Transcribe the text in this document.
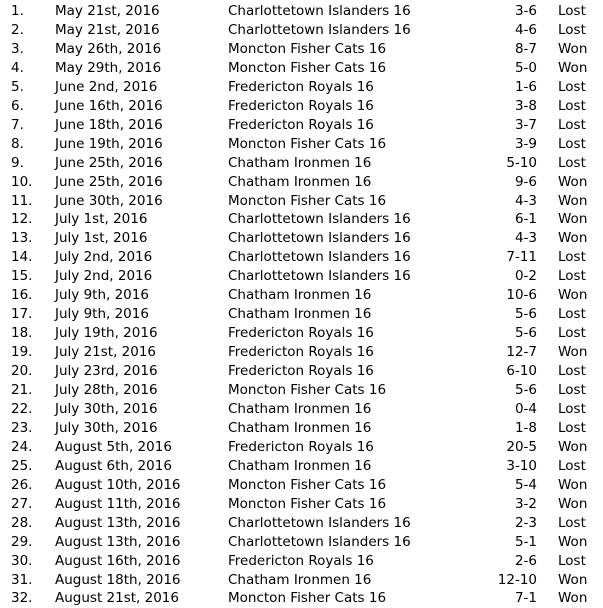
1. May 21st, 2016	Charlottetown Islanders 16	3-6 Lost
2. May 21st, 2016	Charlottetown Islanders 16	4-6 Lost
3. May 26th, 2016	Moncton Fisher Cats 16	8-7 Won
4. May 29th, 2016	Moncton Fisher Cats 16	5-0 Won
5. June 2nd, 2016	Fredericton Royals 16	1-6 Lost
6. June 16th, 2016	Fredericton Royals 16	3-8 Lost
7. June 18th, 2016	Fredericton Royals 16	3-7 Lost
8. June 19th, 2016	Moncton Fisher Cats 16	3-9 Lost
9. June 25th, 2016	Chatham Ironmen 16	5-10 Lost
10. June 25th, 2016	Chatham Ironmen 16	9-6 Won
11. June 30th, 2016	Moncton Fisher Cats 16	4-3 Won
12. July 1st, 2016	Charlottetown Islanders 16	6-1 Won
13. July 1st, 2016	Charlottetown Islanders 16	4-3 Won
14. July 2nd, 2016	Charlottetown Islanders 16	7-11 Lost
15. July 2nd, 2016	Charlottetown Islanders 16	0-2 Lost
16. July 9th, 2016	Chatham Ironmen 16	10-6 Won
17. July 9th, 2016	Chatham Ironmen 16	5-6 Lost
18. July 19th, 2016	Fredericton Royals 16	5-6 Lost
19. July 21st, 2016	Fredericton Royals 16	12-7 Won
20. July 23rd, 2016	Fredericton Royals 16	6-10 Lost
21. July 28th, 2016	Moncton Fisher Cats 16	5-6 Lost
22. July 30th, 2016	Chatham Ironmen 16	0-4 Lost
23. July 30th, 2016	Chatham Ironmen 16	1-8 Lost
24. August 5th, 2016	Fredericton Royals 16	20-5 Won
25. August 6th, 2016	Chatham Ironmen 16	3-10 Lost
26. August 10th, 2016	Moncton Fisher Cats 16	5-4 Won
27. August 11th, 2016	Moncton Fisher Cats 16	3-2 Won
28. August 13th, 2016	Charlottetown Islanders 16	2-3 Lost
29. August 13th, 2016	Charlottetown Islanders 16	5-1 Won
30. August 16th, 2016	Fredericton Royals 16	2-6 Lost
31. August 18th, 2016	Chatham Ironmen 16	12-10 Won
32. August 21st, 2016	Moncton Fisher Cats 16	7-1 Won
